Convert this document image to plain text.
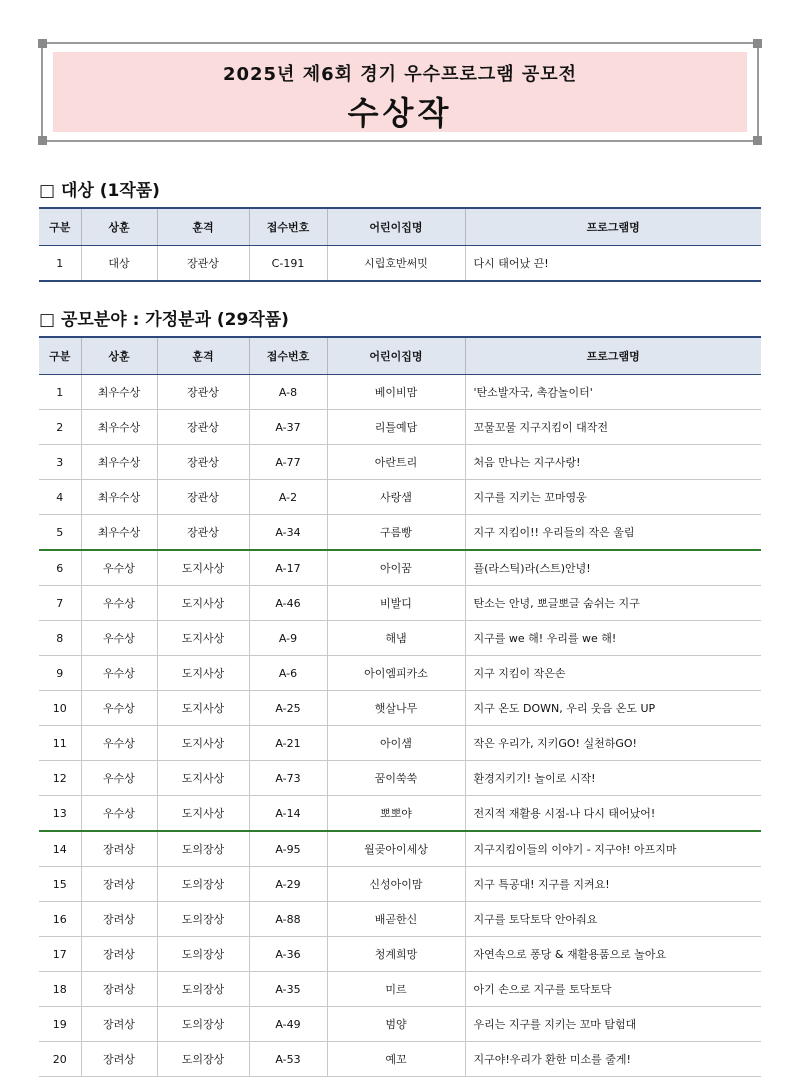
2025년 제6회 경기 우수프로그램 공모전
수상작
□ 대상 (1작품)
구분	상훈	훈격	접수번호	어린이집명	프로그램명
1	대상	장관상	C-191	시립호반써밋	다시 태어났 끈!
□ 공모분야 : 가정분과 (29작품)
구분	상훈	훈격	접수번호	어린이집명	프로그램명
1	최우수상	장관상	A-8	베이비맘	'탄소발자국, 촉감놀이터'
2	최우수상	장관상	A-37	리틀예담	꼬물꼬물 지구지킴이 대작전
3	최우수상	장관상	A-77	아란트리	처음 만나는 지구사랑!
4	최우수상	장관상	A-2	사랑샘	지구를 지키는 꼬마영웅
5	최우수상	장관상	A-34	구름빵	지구 지킴이!! 우리들의 작은 울림
6	우수상	도지사상	A-17	아이꿈	플(라스틱)라(스트)안녕!
7	우수상	도지사상	A-46	비발디	탄소는 안녕, 뽀글뽀글 숨쉬는 지구
8	우수상	도지사상	A-9	해냄	지구를 we 해! 우리를 we 해!
9	우수상	도지사상	A-6	아이엠피카소	지구 지킴이 작은손
10	우수상	도지사상	A-25	햇살나무	지구 온도 DOWN, 우리 웃음 온도 UP
11	우수상	도지사상	A-21	아이샘	작은 우리가, 지키GO! 실천하GO!
12	우수상	도지사상	A-73	꿈이쑥쑥	환경지키기! 놀이로 시작!
13	우수상	도지사상	A-14	뽀뽀야	전지적 재활용 시점-나 다시 태어났어!
14	장려상	도의장상	A-95	월곶아이세상	지구지킴이들의 이야기 - 지구야! 아프지마
15	장려상	도의장상	A-29	신성아이맘	지구 특공대! 지구를 지켜요!
16	장려상	도의장상	A-88	배곧한신	지구를 토닥토닥 안아줘요
17	장려상	도의장상	A-36	청계희망	자연속으로 퐁당 & 재활용품으로 놀아요
18	장려상	도의장상	A-35	미르	아기 손으로 지구를 토닥토닥
19	장려상	도의장상	A-49	범양	우리는 지구를 지키는 꼬마 탐험대
20	장려상	도의장상	A-53	예꼬	지구야!우리가 환한 미소를 줄게!
